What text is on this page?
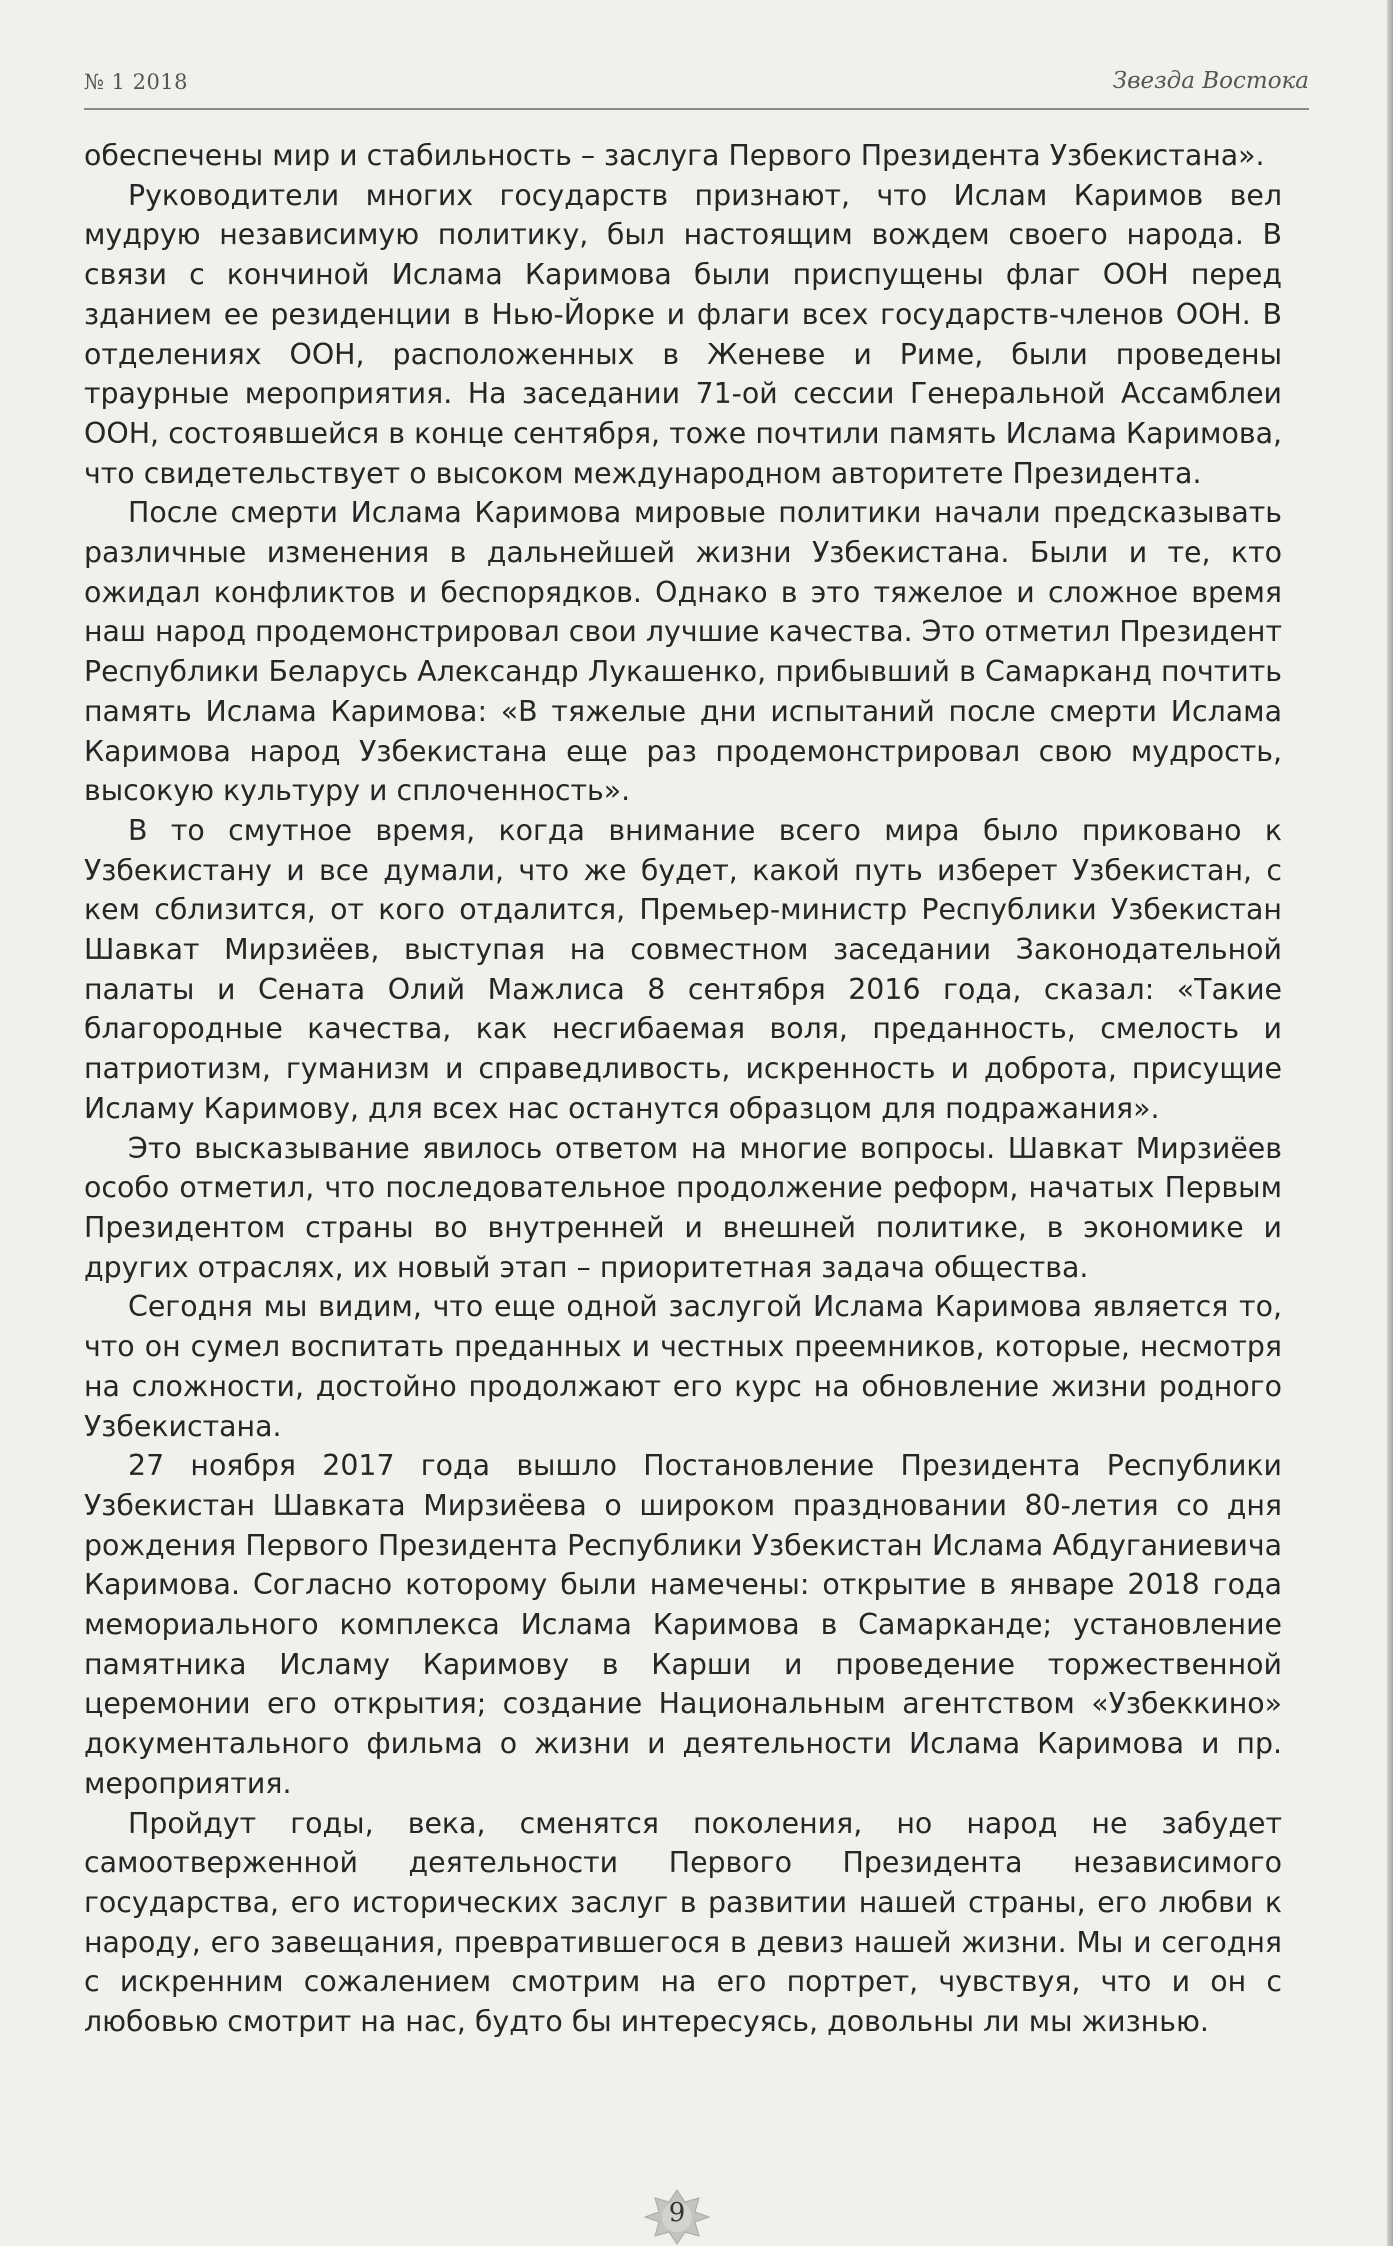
№ 1 2018	Звезда Востока

обеспечены мир и стабильность – заслуга Первого Президента Узбекистана».

Руководители многих государств признают, что Ислам Каримов вел мудрую независимую политику, был настоящим вождем своего народа. В связи с кончиной Ислама Каримова были приспущены флаг ООН перед зданием ее резиденции в Нью-Йорке и флаги всех государств-членов ООН. В отделениях ООН, расположенных в Женеве и Риме, были проведены траурные мероприятия. На заседании 71-ой сессии Генеральной Ассамблеи ООН, состоявшейся в конце сентября, тоже почтили память Ислама Каримова, что свидетельствует о высоком международном авторитете Президента.

После смерти Ислама Каримова мировые политики начали предсказывать различные изменения в дальнейшей жизни Узбекистана. Были и те, кто ожидал конфликтов и беспорядков. Однако в это тяжелое и сложное время наш народ продемонстрировал свои лучшие качества. Это отметил Президент Республики Беларусь Александр Лукашенко, прибывший в Самарканд почтить память Ислама Каримова: «В тяжелые дни испытаний после смерти Ислама Каримова народ Узбекистана еще раз продемонстрировал свою мудрость, высокую культуру и сплоченность».

В то смутное время, когда внимание всего мира было приковано к Узбекистану и все думали, что же будет, какой путь изберет Узбекистан, с кем сблизится, от кого отдалится, Премьер-министр Республики Узбекистан Шавкат Мирзиёев, выступая на совместном заседании Законодательной палаты и Сената Олий Мажлиса 8 сентября 2016 года, сказал: «Такие благородные качества, как несгибаемая воля, преданность, смелость и патриотизм, гуманизм и справедливость, искренность и доброта, присущие Исламу Каримову, для всех нас останутся образцом для подражания».

Это высказывание явилось ответом на многие вопросы. Шавкат Мирзиёев особо отметил, что последовательное продолжение реформ, начатых Первым Президентом страны во внутренней и внешней политике, в экономике и других отраслях, их новый этап – приоритетная задача общества.

Сегодня мы видим, что еще одной заслугой Ислама Каримова является то, что он сумел воспитать преданных и честных преемников, которые, несмотря на сложности, достойно продолжают его курс на обновление жизни родного Узбекистана.

27 ноября 2017 года вышло Постановление Президента Республики Узбекистан Шавката Мирзиёева о широком праздновании 80-летия со дня рождения Первого Президента Республики Узбекистан Ислама Абдуганиевича Каримова. Согласно которому были намечены: открытие в январе 2018 года мемориального комплекса Ислама Каримова в Самарканде; установление памятника Исламу Каримову в Карши и проведение торжественной церемонии его открытия; создание Национальным агентством «Узбеккино» документального фильма о жизни и деятельности Ислама Каримова и пр. мероприятия.

Пройдут годы, века, сменятся поколения, но народ не забудет самоотверженной деятельности Первого Президента независимого государства, его исторических заслуг в развитии нашей страны, его любви к народу, его завещания, превратившегося в девиз нашей жизни. Мы и сегодня с искренним сожалением смотрим на его портрет, чувствуя, что и он с любовью смотрит на нас, будто бы интересуясь, довольны ли мы жизнью.

9
